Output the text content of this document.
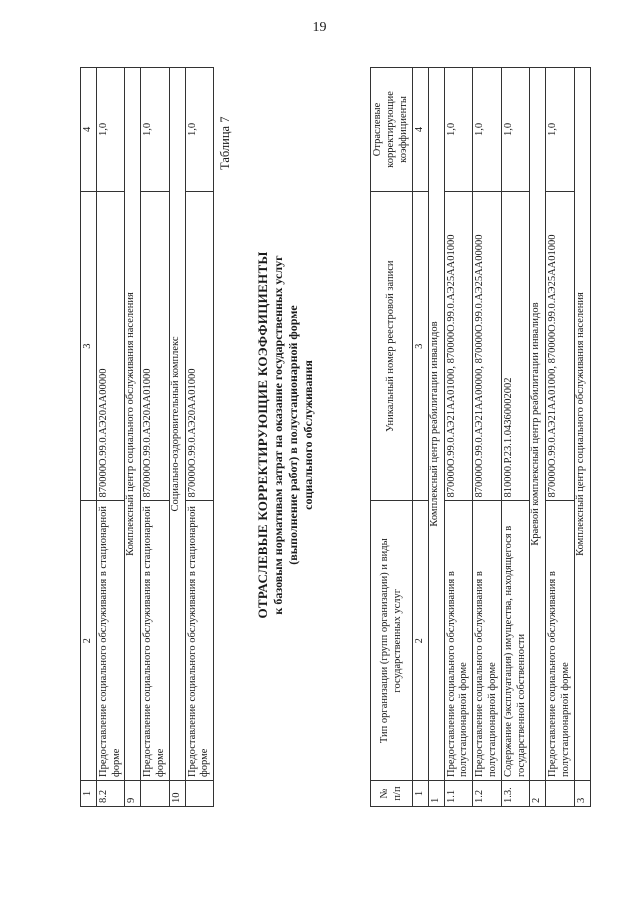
19
1	2	3	4
8.2	Предоставление социального обслуживания в стационарной форме	870000О.99.0.АЭ20АА00000	1,0
9	Комплексный центр социального обслуживания населения		
	Предоставление социального обслуживания в стационарной форме	870000О.99.0.АЭ20АА01000	1,0
10	Социально-оздоровительный комплекс		
	Предоставление социального обслуживания в стационарной форме	870000О.99.0.АЭ20АА01000	1,0 Таблица 7
ОТРАСЛЕВЫЕ КОРРЕКТИРУЮЩИЕ КОЭФФИЦИЕНТЫ к базовым нормативам затрат на оказание государственных услуг (выполнение работ) в полустационарной форме социального обслуживания
№ п/п	Тип организации (групп организации) и виды государственных услуг	Уникальный номер реестровой записи	Отраслевые корректирующие коэффициенты
1	2	3	4
1	Комплексный центр реабилитации инвалидов		
1.1	Предоставление социального обслуживания в полустационарной форме	870000О.99.0.АЭ21АА01000, 870000О.99.0.АЭ25АА01000	1,0
1.2	Предоставление социального обслуживания в полустационарной форме	870000О.99.0.АЭ21АА00000, 870000О.99.0.АЭ25АА00000	1,0
1.3.	Содержание (эксплуатация) имущества, находящегося в государственной собственности	810000.Р.23.1.04360002002	1,0
2	Краевой комплексный центр реабилитации инвалидов		
	Предоставление социального обслуживания в полустационарной форме	870000О.99.0.АЭ21АА01000, 870000О.99.0.АЭ25АА01000	1,0
3	Комплексный центр социального обслуживания населения		
